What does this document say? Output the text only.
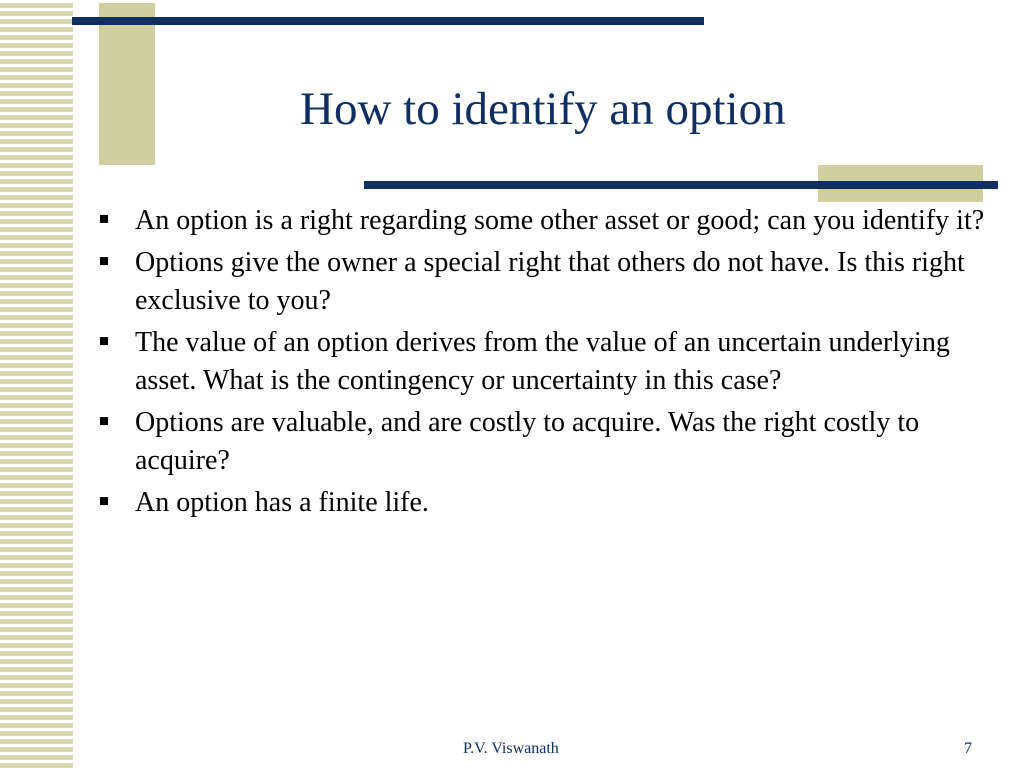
How to identify an option
An option is a right regarding some other asset or good; can you identify it?
Options give the owner a special right that others do not have. Is this right exclusive to you?
The value of an option derives from the value of an uncertain underlying asset. What is the contingency or uncertainty in this case?
Options are valuable, and are costly to acquire. Was the right costly to acquire?
An option has a finite life.
P.V. Viswanath	7
